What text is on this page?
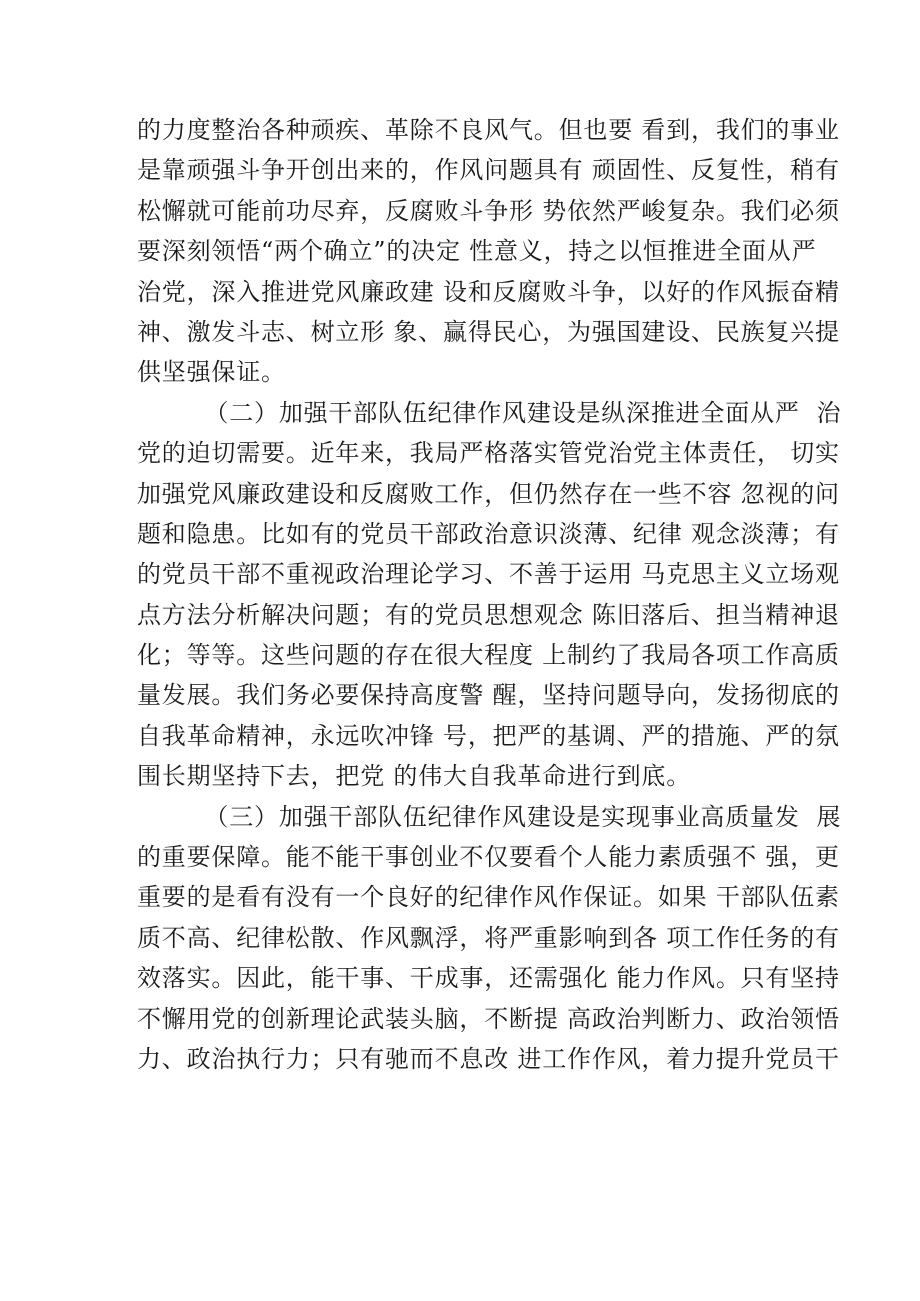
的力度整治各种顽疾、革除不良风气。但也要 看到，我们的事业
是靠顽强斗争开创出来的，作风问题具有 顽固性、反复性，稍有
松懈就可能前功尽弃，反腐败斗争形 势依然严峻复杂。我们必须
要深刻领悟“两个确立”的决定 性意义，持之以恒推进全面从严
治党，深入推进党风廉政建 设和反腐败斗争，以好的作风振奋精
神、激发斗志、树立形 象、赢得民心，为强国建设、民族复兴提
供坚强保证。
（二）加强干部队伍纪律作风建设是纵深推进全面从严  治
党的迫切需要。近年来，我局严格落实管党治党主体责任， 切实
加强党风廉政建设和反腐败工作，但仍然存在一些不容 忽视的问
题和隐患。比如有的党员干部政治意识淡薄、纪律 观念淡薄；有
的党员干部不重视政治理论学习、不善于运用 马克思主义立场观
点方法分析解决问题；有的党员思想观念 陈旧落后、担当精神退
化；等等。这些问题的存在很大程度 上制约了我局各项工作高质
量发展。我们务必要保持高度警 醒，坚持问题导向，发扬彻底的
自我革命精神，永远吹冲锋 号，把严的基调、严的措施、严的氛
围长期坚持下去，把党 的伟大自我革命进行到底。
（三）加强干部队伍纪律作风建设是实现事业高质量发  展
的重要保障。能不能干事创业不仅要看个人能力素质强不 强，更
重要的是看有没有一个良好的纪律作风作保证。如果 干部队伍素
质不高、纪律松散、作风飘浮，将严重影响到各 项工作任务的有
效落实。因此，能干事、干成事，还需强化 能力作风。只有坚持
不懈用党的创新理论武装头脑，不断提 高政治判断力、政治领悟
力、政治执行力；只有驰而不息改 进工作作风，着力提升党员干
